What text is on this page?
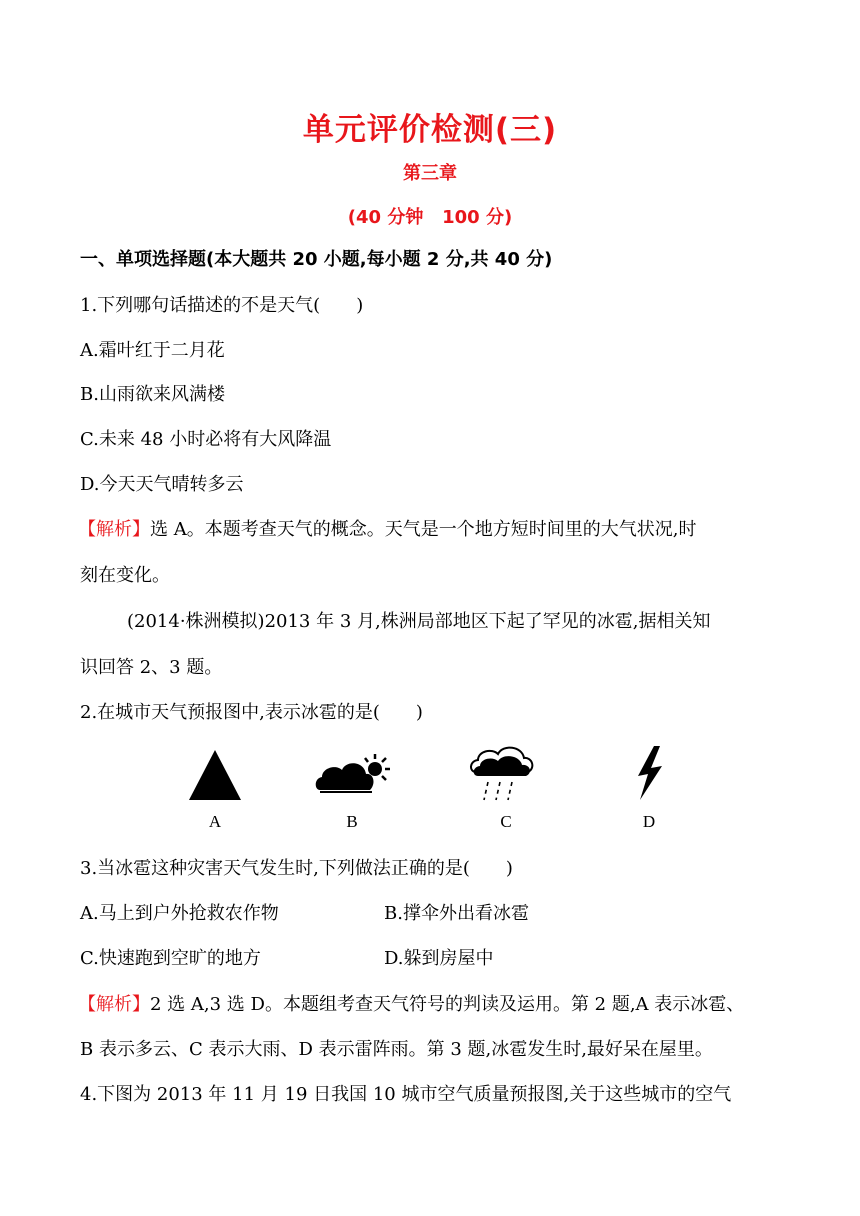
单元评价检测(三)
第三章
(40 分钟   100 分)
一、单项选择题(本大题共 20 小题,每小题 2 分,共 40 分)
1.下列哪句话描述的不是天气(　　)
A.霜叶红于二月花
B.山雨欲来风满楼
C.未来 48 小时必将有大风降温
D.今天天气晴转多云
【解析】选 A。本题考查天气的概念。天气是一个地方短时间里的大气状况,时
刻在变化。
(2014·株洲模拟)2013 年 3 月,株洲局部地区下起了罕见的冰雹,据相关知
识回答 2、3 题。
2.在城市天气预报图中,表示冰雹的是(　　)
A	B	C	D
3.当冰雹这种灾害天气发生时,下列做法正确的是(　　)
A.马上到户外抢救农作物	B.撑伞外出看冰雹
C.快速跑到空旷的地方	D.躲到房屋中
【解析】2 选 A,3 选 D。本题组考查天气符号的判读及运用。第 2 题,A 表示冰雹、
B 表示多云、C 表示大雨、D 表示雷阵雨。第 3 题,冰雹发生时,最好呆在屋里。
4.下图为 2013 年 11 月 19 日我国 10 城市空气质量预报图,关于这些城市的空气
